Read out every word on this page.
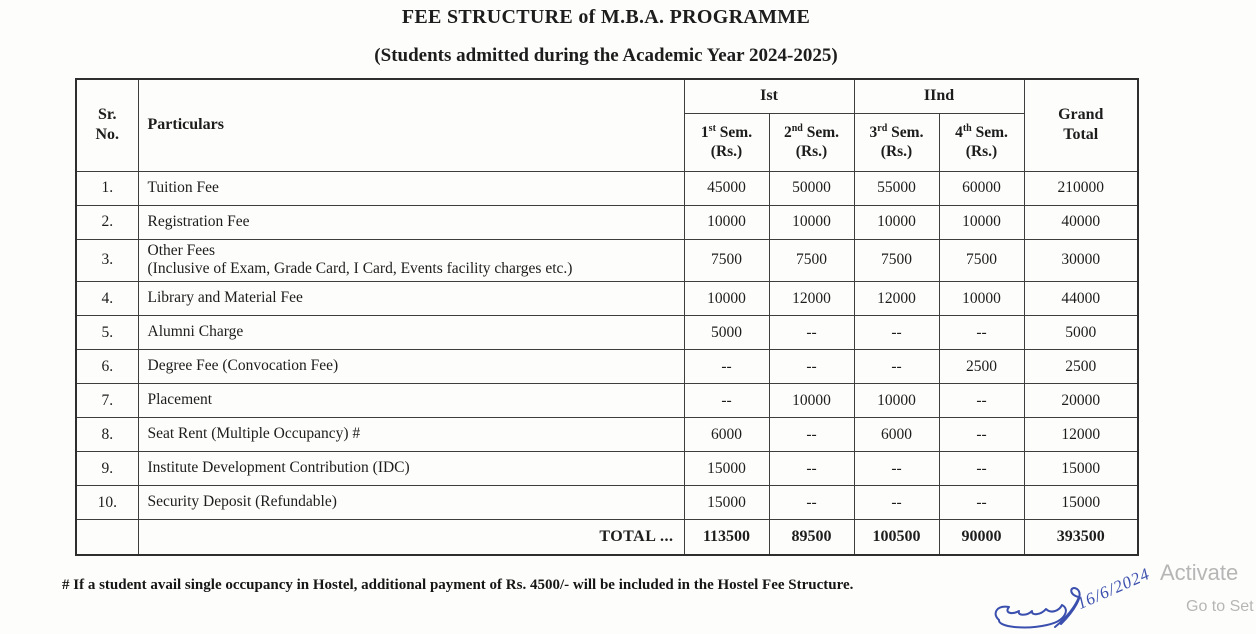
FEE STRUCTURE of M.B.A. PROGRAMME
(Students admitted during the Academic Year 2024-2025)
Sr.
No.	Particulars	Ist		IInd		Grand
Total
		1st Sem.
(Rs.)	2nd Sem.
(Rs.)	3rd Sem.
(Rs.)	4th Sem.
(Rs.)	
1.	Tuition Fee	45000	50000	55000	60000	210000
2.	Registration Fee	10000	10000	10000	10000	40000
3.	Other Fees
(Inclusive of Exam, Grade Card, I Card, Events facility charges etc.)	7500	7500	7500	7500	30000
4.	Library and Material Fee	10000	12000	12000	10000	44000
5.	Alumni Charge	5000	--	--	--	5000
6.	Degree Fee (Convocation Fee)	--	--	--	2500	2500
7.	Placement	--	10000	10000	--	20000
8.	Seat Rent (Multiple Occupancy) #	6000	--	6000	--	12000
9.	Institute Development Contribution (IDC)	15000	--	--	--	15000
10.	Security Deposit (Refundable)	15000	--	--	--	15000
	TOTAL ...	113500	89500	100500	90000	393500
# If a student avail single occupancy in Hostel, additional payment of Rs. 4500/- will be included in the Hostel Fee Structure.	16/6/2024 Activate
Go to Set
